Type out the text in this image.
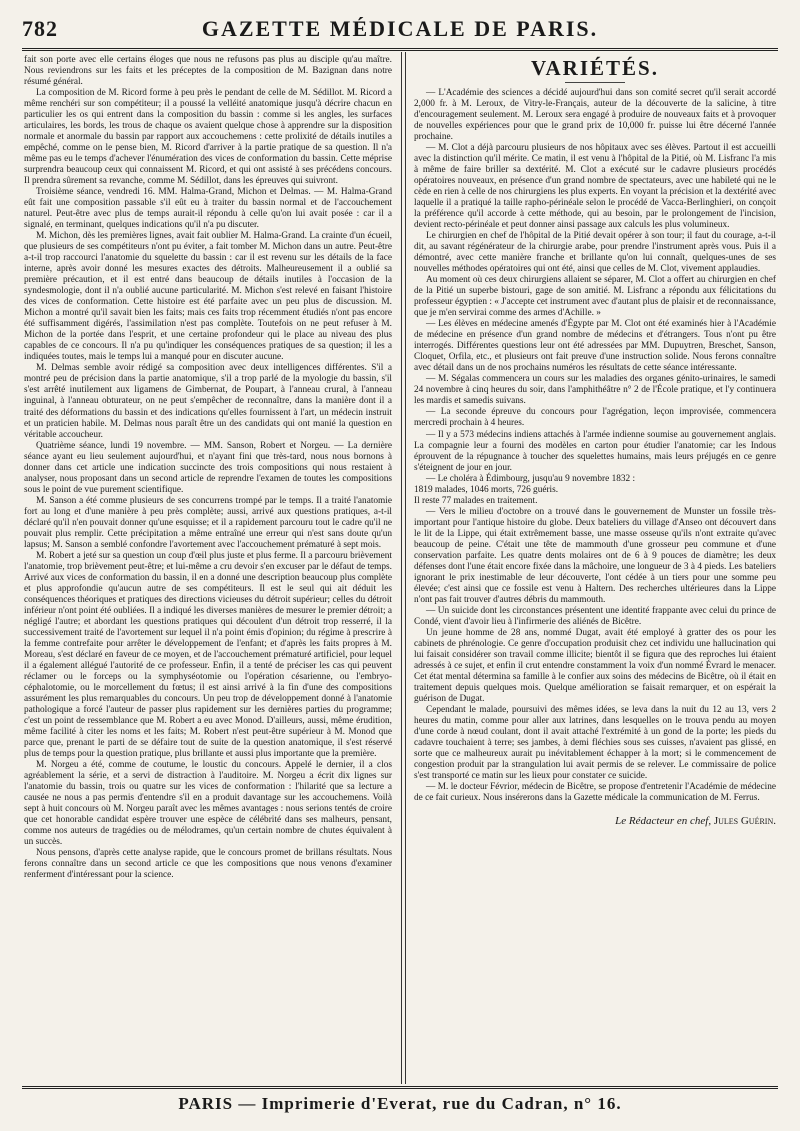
782	GAZETTE MÉDICALE DE PARIS.

fait son porte avec elle certains éloges que nous ne refusons pas plus au disciple qu'au maître. Nous reviendrons sur les faits et les préceptes de la composition de M. Bazignan dans notre résumé général.

La composition de M. Ricord forme à peu près le pendant de celle de M. Sédillot. M. Ricord a même renchéri sur son compétiteur; il a poussé la velléité anatomique jusqu'à décrire chacun en particulier les os qui entrent dans la composition du bassin : comme si les angles, les surfaces articulaires, les bords, les trous de chaque os avaient quelque chose à apprendre sur la disposition normale et anormale du bassin par rapport aux accouchemens : cette prolixité de détails inutiles a empêché, comme on le pense bien, M. Ricord d'arriver à la partie pratique de sa question. Il n'a même pas eu le temps d'achever l'énumération des vices de conformation du bassin. Cette méprise surprendra beaucoup ceux qui connaissent M. Ricord, et qui ont assisté à ses précédens concours. Il prendra sûrement sa revanche, comme M. Sédillot, dans les épreuves qui suivront.

Troisième séance, vendredi 16. MM. Halma-Grand, Michon et Delmas. — M. Halma-Grand eût fait une composition passable s'il eût eu à traiter du bassin normal et de l'accouchement naturel. Peut-être avec plus de temps aurait-il répondu à celle qu'on lui avait posée : car il a signalé, en terminant, quelques indications qu'il n'a pu discuter.

M. Michon, dès les premières lignes, avait fait oublier M. Halma-Grand. La crainte d'un écueil, que plusieurs de ses compétiteurs n'ont pu éviter, a fait tomber M. Michon dans un autre. Peut-être a-t-il trop raccourci l'anatomie du squelette du bassin : car il est revenu sur les détails de la face interne, après avoir donné les mesures exactes des détroits. Malheureusement il a oublié sa première précaution, et il est entré dans beaucoup de détails inutiles à l'occasion de la syndesmologie, dont il n'a oublié aucune particularité. M. Michon s'est relevé en faisant l'histoire des vices de conformation. Cette histoire est été parfaite avec un peu plus de discussion. M. Michon a montré qu'il savait bien les faits; mais ces faits trop récemment étudiés n'ont pas encore été suffisamment digérés, l'assimilation n'est pas complète. Toutefois on ne peut refuser à M. Michon de la portée dans l'esprit, et une certaine profondeur qui le place au niveau des plus capables de ce concours. Il n'a pu qu'indiquer les conséquences pratiques de sa question; il les a indiquées toutes, mais le temps lui a manqué pour en discuter aucune.

M. Delmas semble avoir rédigé sa composition avec deux intelligences différentes. S'il a montré peu de précision dans la partie anatomique, s'il a trop parlé de la myologie du bassin, s'il s'est arrêté inutilement aux ligamens de Gimbernat, de Poupart, à l'anneau crural, à l'anneau inguinal, à l'anneau obturateur, on ne peut s'empêcher de reconnaître, dans la manière dont il a traité des déformations du bassin et des indications qu'elles fournissent à l'art, un médecin instruit et un praticien habile. M. Delmas nous paraît être un des candidats qui ont manié la question en véritable accoucheur.

Quatrième séance, lundi 19 novembre. — MM. Sanson, Robert et Norgeu. — La dernière séance ayant eu lieu seulement aujourd'hui, et n'ayant fini que très-tard, nous nous bornons à donner dans cet article une indication succincte des trois compositions qui nous restaient à analyser, nous proposant dans un second article de reprendre l'examen de toutes les compositions sous le point de vue purement scientifique.

M. Sanson a été comme plusieurs de ses concurrens trompé par le temps. Il a traité l'anatomie fort au long et d'une manière à peu près complète; aussi, arrivé aux questions pratiques, a-t-il déclaré qu'il n'en pouvait donner qu'une esquisse; et il a rapidement parcouru tout le cadre qu'il ne pouvait plus remplir. Cette précipitation a même entraîné une erreur qui n'est sans doute qu'un lapsus; M. Sanson a semblé confondre l'avortement avec l'accouchement prématuré à sept mois.

M. Robert a jeté sur sa question un coup d'œil plus juste et plus ferme. Il a parcouru brièvement l'anatomie, trop brièvement peut-être; et lui-même a cru devoir s'en excuser par le défaut de temps. Arrivé aux vices de conformation du bassin, il en a donné une description beaucoup plus complète et plus approfondie qu'aucun autre de ses compétiteurs. Il est le seul qui ait déduit les conséquences théoriques et pratiques des directions vicieuses du détroit supérieur; celles du détroit inférieur n'ont point été oubliées. Il a indiqué les diverses manières de mesurer le premier détroit; a négligé l'autre; et abordant les questions pratiques qui découlent d'un détroit trop resserré, il la successivement traité de l'avortement sur lequel il n'a point émis d'opinion; du régime à prescrire à la femme contrefaite pour arrêter le développement de l'enfant; et d'après les faits propres à M. Moreau, s'est déclaré en faveur de ce moyen, et de l'accouchement prématuré artificiel, pour lequel il a également allégué l'autorité de ce professeur. Enfin, il a tenté de préciser les cas qui peuvent réclamer ou le forceps ou la symphyséotomie ou l'opération césarienne, ou l'embryo-céphalotomie, ou le morcellement du fœtus; il est ainsi arrivé à la fin d'une des compositions assurément les plus remarquables du concours. Un peu trop de développement donné à l'anatomie pathologique a forcé l'auteur de passer plus rapidement sur les dernières parties du programme; c'est un point de ressemblance que M. Robert a eu avec Monod. D'ailleurs, aussi, même érudition, même facilité à citer les noms et les faits; M. Robert n'est peut-être supérieur à M. Monod que parce que, prenant le parti de se défaire tout de suite de la question anatomique, il s'est réservé plus de temps pour la question pratique, plus brillante et aussi plus importante que la première.

M. Norgeu a été, comme de coutume, le loustic du concours. Appelé le dernier, il a clos agréablement la série, et a servi de distraction à l'auditoire. M. Norgeu a écrit dix lignes sur l'anatomie du bassin, trois ou quatre sur les vices de conformation : l'hilarité que sa lecture a causée ne nous a pas permis d'entendre s'il en a produit davantage sur les accouchemens. Voilà sept à huit concours où M. Norgeu paraît avec les mêmes avantages : nous serions tentés de croire que cet honorable candidat espère trouver une espèce de célébrité dans ses malheurs, pensant, comme nos auteurs de tragédies ou de mélodrames, qu'un certain nombre de chutes équivalent à un succès.

Nous pensons, d'après cette analyse rapide, que le concours promet de brillans résultats. Nous ferons connaître dans un second article ce que les compositions que nous venons d'examiner renferment d'intéressant pour la science.

VARIÉTÉS.

— L'Académie des sciences a décidé aujourd'hui dans son comité secret qu'il serait accordé 2,000 fr. à M. Leroux, de Vitry-le-Français, auteur de la découverte de la salicine, à titre d'encouragement seulement. M. Leroux sera engagé à produire de nouveaux faits et à provoquer de nouvelles expériences pour que le grand prix de 10,000 fr. puisse lui être décerné l'année prochaine.

— M. Clot a déjà parcouru plusieurs de nos hôpitaux avec ses élèves. Partout il est accueilli avec la distinction qu'il mérite. Ce matin, il est venu à l'hôpital de la Pitié, où M. Lisfranc l'a mis à même de faire briller sa dextérité. M. Clot a exécuté sur le cadavre plusieurs procédés opératoires nouveaux, en présence d'un grand nombre de spectateurs, avec une habileté qui ne le cède en rien à celle de nos chirurgiens les plus experts. En voyant la précision et la dextérité avec laquelle il a pratiqué la taille rapho-périnéale selon le procédé de Vacca-Berlinghieri, on conçoit la préférence qu'il accorde à cette méthode, qui au besoin, par le prolongement de l'incision, devient recto-périnéale et peut donner ainsi passage aux calculs les plus volumineux.

Le chirurgien en chef de l'hôpital de la Pitié devait opérer à son tour; il faut du courage, a-t-il dit, au savant régénérateur de la chirurgie arabe, pour prendre l'instrument après vous. Puis il a démontré, avec cette manière franche et brillante qu'on lui connaît, quelques-unes de ses nouvelles méthodes opératoires qui ont été, ainsi que celles de M. Clot, vivement applaudies.

Au moment où ces deux chirurgiens allaient se séparer, M. Clot a offert au chirurgien en chef de la Pitié un superbe bistouri, gage de son amitié. M. Lisfranc a répondu aux félicitations du professeur égyptien : « J'accepte cet instrument avec d'autant plus de plaisir et de reconnaissance, que je m'en servirai comme des armes d'Achille. »

— Les élèves en médecine amenés d'Égypte par M. Clot ont été examinés hier à l'Académie de médecine en présence d'un grand nombre de médecins et d'étrangers. Tous n'ont pu être interrogés. Différentes questions leur ont été adressées par MM. Dupuytren, Breschet, Sanson, Cloquet, Orfila, etc., et plusieurs ont fait preuve d'une instruction solide. Nous ferons connaître avec détail dans un de nos prochains numéros les résultats de cette séance intéressante.

— M. Ségalas commencera un cours sur les maladies des organes génito-urinaires, le samedi 24 novembre à cinq heures du soir, dans l'amphithéâtre n° 2 de l'École pratique, et l'y continuera les mardis et samedis suivans.

— La seconde épreuve du concours pour l'agrégation, leçon improvisée, commencera mercredi prochain à 4 heures.

— Il y a 573 médecins indiens attachés à l'armée indienne soumise au gouvernement anglais. La compagnie leur a fourni des modèles en carton pour étudier l'anatomie; car les Indous éprouvent de la répugnance à toucher des squelettes humains, mais leurs préjugés en ce genre s'éteignent de jour en jour.

— Le choléra à Édimbourg, jusqu'au 9 novembre 1832 :

1819 malades, 1046 morts, 726 guéris.

Il reste 77 malades en traitement.

— Vers le milieu d'octobre on a trouvé dans le gouvernement de Munster un fossile très-important pour l'antique histoire du globe. Deux bateliers du village d'Anseo ont découvert dans le lit de la Lippe, qui était extrêmement basse, une masse osseuse qu'ils n'ont extraite qu'avec beaucoup de peine. C'était une tête de mammouth d'une grosseur peu commune et d'une conservation parfaite. Les quatre dents molaires ont de 6 à 9 pouces de diamètre; les deux défenses dont l'une était encore fixée dans la mâchoire, une longueur de 3 à 4 pieds. Les bateliers ignorant le prix inestimable de leur découverte, l'ont cédée à un tiers pour une somme peu élevée; c'est ainsi que ce fossile est venu à Haltern. Des recherches ultérieures dans la Lippe n'ont pas fait trouver d'autres débris du mammouth.

— Un suicide dont les circonstances présentent une identité frappante avec celui du prince de Condé, vient d'avoir lieu à l'infirmerie des aliénés de Bicêtre.

Un jeune homme de 28 ans, nommé Dugat, avait été employé à gratter des os pour les cabinets de phrénologie. Ce genre d'occupation produisit chez cet individu une hallucination qui lui faisait considérer son travail comme illicite; bientôt il se figura que des reproches lui étaient adressés à ce sujet, et enfin il crut entendre constamment la voix d'un nommé Évrard le menacer. Cet état mental détermina sa famille à le confier aux soins des médecins de Bicêtre, où il était en traitement depuis quelques mois. Quelque amélioration se faisait remarquer, et on espérait la guérison de Dugat.

Cependant le malade, poursuivi des mêmes idées, se leva dans la nuit du 12 au 13, vers 2 heures du matin, comme pour aller aux latrines, dans lesquelles on le trouva pendu au moyen d'une corde à nœud coulant, dont il avait attaché l'extrémité à un gond de la porte; les pieds du cadavre touchaient à terre; ses jambes, à demi fléchies sous ses cuisses, n'avaient pas glissé, en sorte que ce malheureux aurait pu inévitablement échapper à la mort; si le commencement de congestion produit par la strangulation lui avait permis de se relever. Le commissaire de police s'est transporté ce matin sur les lieux pour constater ce suicide.

— M. le docteur Févrior, médecin de Bicêtre, se propose d'entretenir l'Académie de médecine de ce fait curieux. Nous insérerons dans la Gazette médicale la communication de M. Ferrus.

Le Rédacteur en chef, Jules Guérin.
PARIS — Imprimerie d'Everat, rue du Cadran, n° 16.
